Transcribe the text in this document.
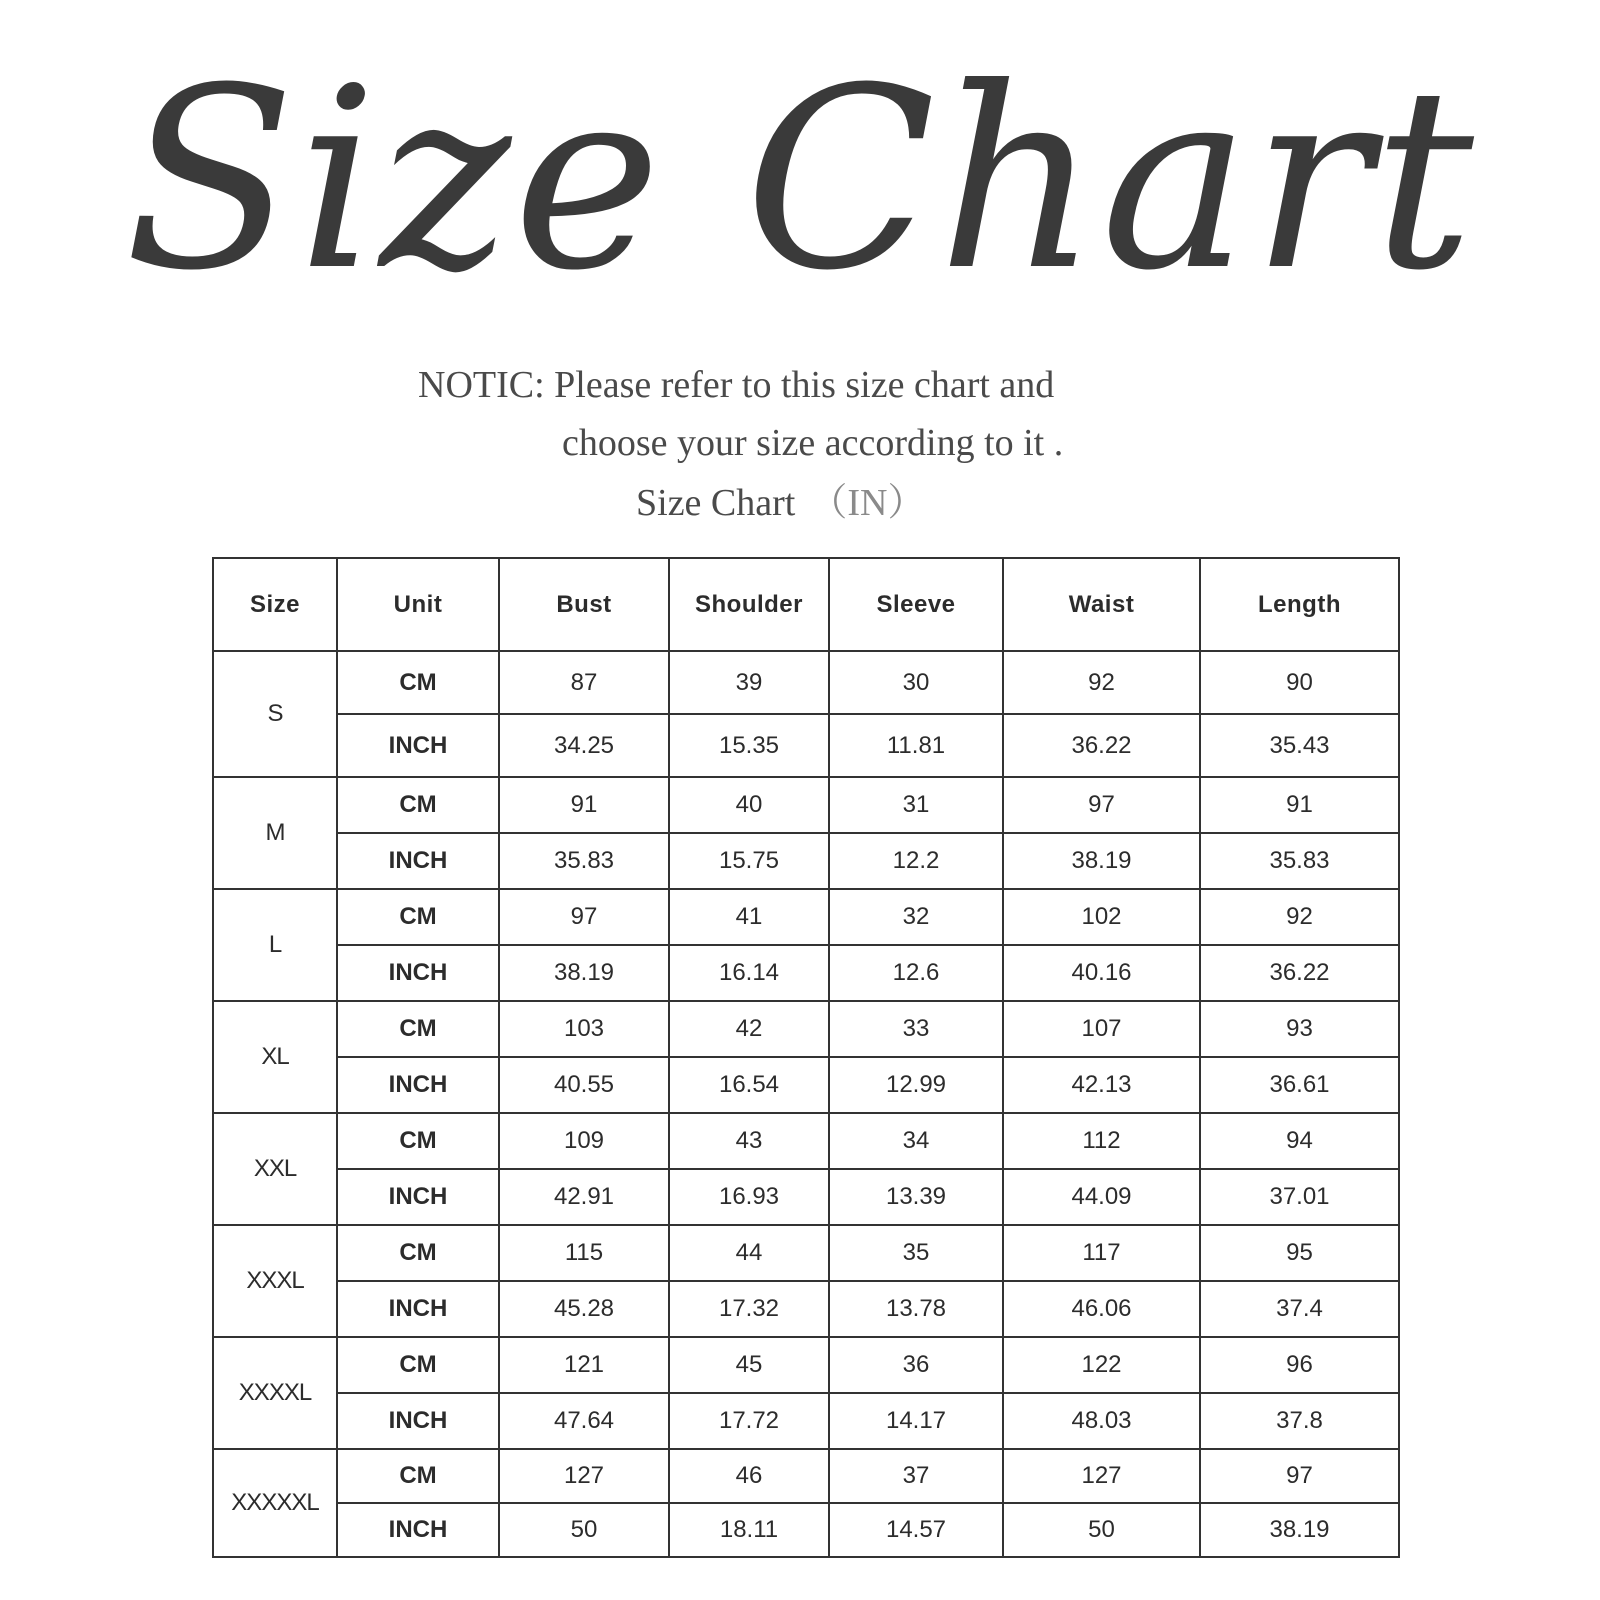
Size Chart
NOTIC: Please refer to this size chart and
choose your size according to it .
Size Chart （IN）
Size	Unit	Bust	Shoulder	Sleeve	Waist	Length
S	CM	87	39	30	92	90
	INCH	34.25	15.35	11.81	36.22	35.43
M	CM	91	40	31	97	91
	INCH	35.83	15.75	12.2	38.19	35.83
L	CM	97	41	32	102	92
	INCH	38.19	16.14	12.6	40.16	36.22
XL	CM	103	42	33	107	93
	INCH	40.55	16.54	12.99	42.13	36.61
XXL	CM	109	43	34	112	94
	INCH	42.91	16.93	13.39	44.09	37.01
XXXL	CM	115	44	35	117	95
	INCH	45.28	17.32	13.78	46.06	37.4
XXXXL	CM	121	45	36	122	96
	INCH	47.64	17.72	14.17	48.03	37.8
XXXXXL	CM	127	46	37	127	97
	INCH	50	18.11	14.57	50	38.19
